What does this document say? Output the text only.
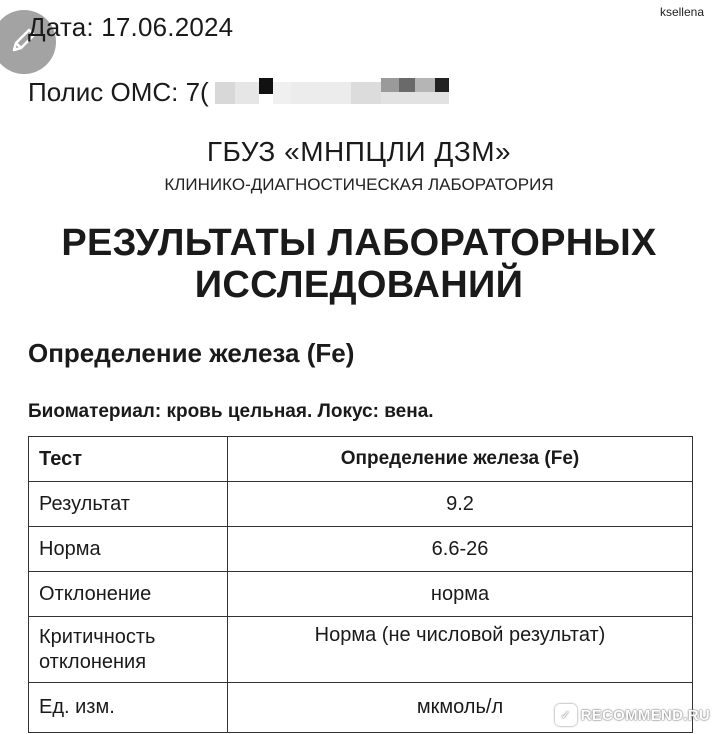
ksellena
Дата: 17.06.2024
Полис ОМС: 7(
ГБУЗ «МНПЦЛИ ДЗМ»
КЛИНИКО-ДИАГНОСТИЧЕСКАЯ ЛАБОРАТОРИЯ
РЕЗУЛЬТАТЫ ЛАБОРАТОРНЫХ
ИССЛЕДОВАНИЙ
Определение железа (Fe)
Биоматериал: кровь цельная. Локус: вена.
Тест	Определение железа (Fe)
Результат	9.2
Норма	6.6-26
Отклонение	норма
Критичность отклонения	Норма (не числовой результат)
Ед. изм.	мкмоль/л	✓ RECOMMEND.RU
